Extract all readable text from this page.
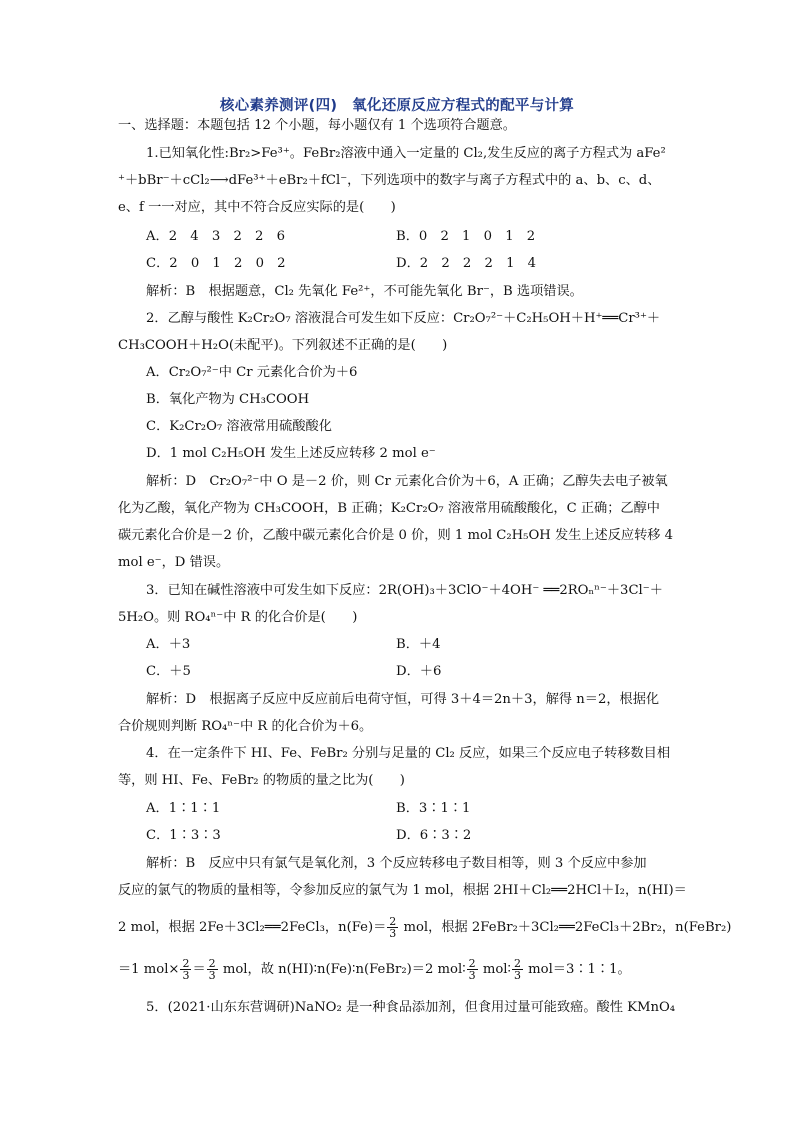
核心素养测评(四)　氧化还原反应方程式的配平与计算
一、选择题：本题包括 12 个小题，每小题仅有 1 个选项符合题意。
1.已知氧化性:Br₂>Fe³⁺。FeBr₂溶液中通入一定量的 Cl₂,发生反应的离子方程式为 aFe²
⁺＋bBr⁻＋cCl₂⟶dFe³⁺＋eBr₂＋fCl⁻，下列选项中的数字与离子方程式中的 a、b、c、d、
e、f 一一对应，其中不符合反应实际的是(　　)
A．2　4　3　2　2　6	B．0　2　1　0　1　2
C．2　0　1　2　0　2	D．2　2　2　2　1　4
解析：B　根据题意，Cl₂ 先氧化 Fe²⁺，不可能先氧化 Br⁻，B 选项错误。
2．乙醇与酸性 K₂Cr₂O₇ 溶液混合可发生如下反应：Cr₂O₇²⁻＋C₂H₅OH＋H⁺══Cr³⁺＋
CH₃COOH＋H₂O(未配平)。下列叙述不正确的是(　　)
A．Cr₂O₇²⁻中 Cr 元素化合价为＋6
B．氧化产物为 CH₃COOH
C．K₂Cr₂O₇ 溶液常用硫酸酸化
D．1 mol C₂H₅OH 发生上述反应转移 2 mol e⁻
解析：D　Cr₂O₇²⁻中 O 是－2 价，则 Cr 元素化合价为＋6，A 正确；乙醇失去电子被氧
化为乙酸，氧化产物为 CH₃COOH，B 正确；K₂Cr₂O₇ 溶液常用硫酸酸化，C 正确；乙醇中
碳元素化合价是－2 价，乙酸中碳元素化合价是 0 价，则 1 mol C₂H₅OH 发生上述反应转移 4
mol e⁻，D 错误。
3．已知在碱性溶液中可发生如下反应：2R(OH)₃＋3ClO⁻＋4OH⁻ ══2ROₙⁿ⁻＋3Cl⁻＋
5H₂O。则 RO₄ⁿ⁻中 R 的化合价是(　　)
A．＋3	B．＋4
C．＋5	D．＋6
解析：D　根据离子反应中反应前后电荷守恒，可得 3＋4＝2n＋3，解得 n＝2，根据化
合价规则判断 RO₄ⁿ⁻中 R 的化合价为＋6。
4．在一定条件下 HI、Fe、FeBr₂ 分别与足量的 Cl₂ 反应，如果三个反应电子转移数目相
等，则 HI、Fe、FeBr₂ 的物质的量之比为(　　)
A．1∶1∶1	B．3∶1∶1
C．1∶3∶3	D．6∶3∶2
解析：B　反应中只有氯气是氧化剂，3 个反应转移电子数目相等，则 3 个反应中参加
反应的氯气的物质的量相等，令参加反应的氯气为 1 mol，根据 2HI＋Cl₂══2HCl＋I₂，n(HI)＝
2 mol，根据 2Fe＋3Cl₂══2FeCl₃，$n(Fe)= \frac{2}{3}$ mol，根据 2FeBr₂＋3Cl₂══2FeCl₃＋2Br₂，n(FeBr₂)
＝1 $mol\times \frac{2}{3} = \frac{2}{3}$ mol，故 n(HI)∶n(Fe)∶n(FeBr₂)＝2 mol∶ $\frac{2}{3}$ mol∶ $\frac{2}{3}$ mol＝3∶1∶1。
5．(2021·山东东营调研)NaNO₂ 是一种食品添加剂，但食用过量可能致癌。酸性 KMnO₄
